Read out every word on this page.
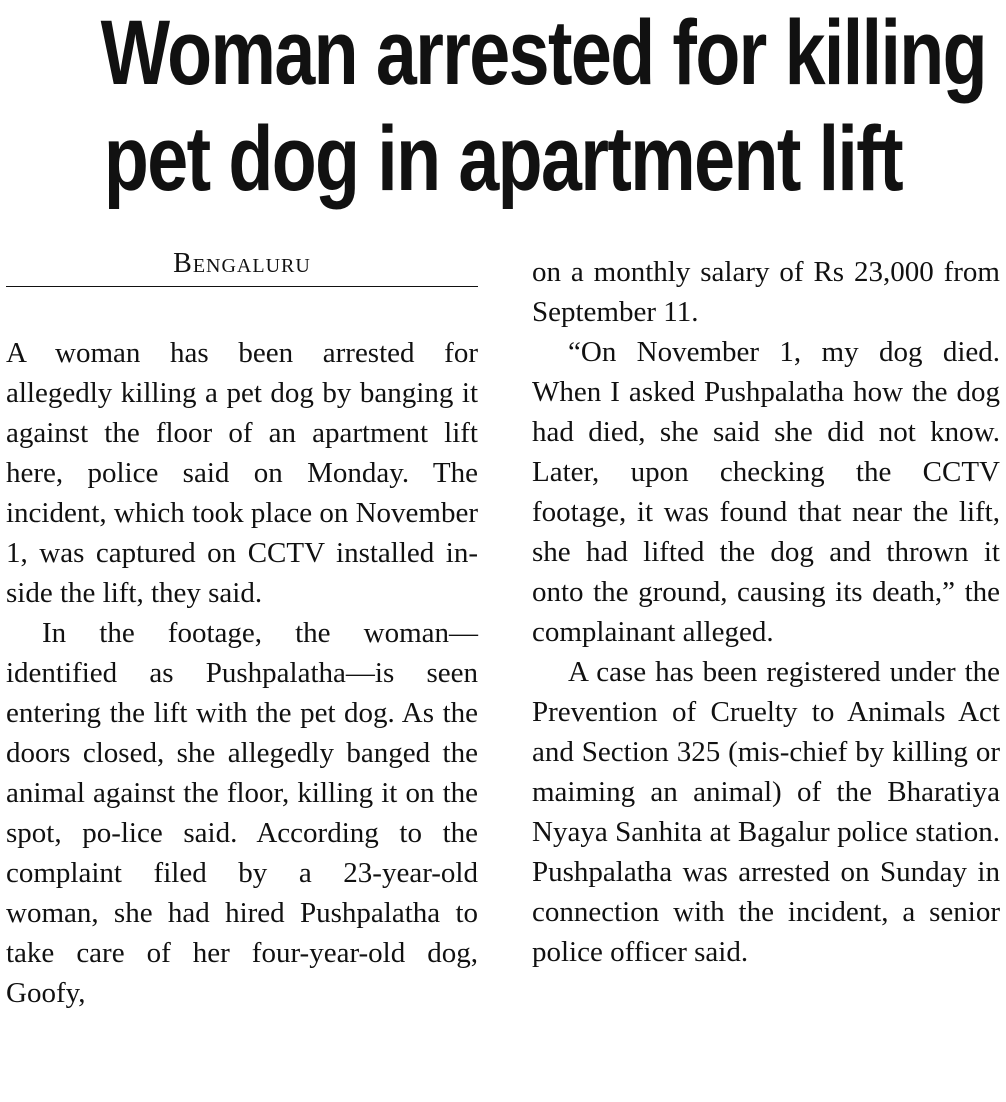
Woman arrested for killing
pet dog in apartment lift
Bengaluru

A woman has been arrested for allegedly killing a pet dog by banging it against the floor of an apartment lift here, police said on Monday. The incident, which took place on November 1, was captured on CCTV installed inside the lift, they said.

In the footage, the woman—identified as Pushpalatha—is seen entering the lift with the pet dog. As the doors closed, she allegedly banged the animal against the floor, killing it on the spot, po-lice said. According to the complaint filed by a 23-year-old woman, she had hired Pushpalatha to take care of her four-year-old dog, Goofy,

on a monthly salary of Rs 23,000 from September 11.

“On November 1, my dog died. When I asked Pushpalatha how the dog had died, she said she did not know. Later, upon checking the CCTV footage, it was found that near the lift, she had lifted the dog and thrown it onto the ground, causing its death,” the complainant alleged.

A case has been registered under the Prevention of Cruelty to Animals Act and Section 325 (mis-chief by killing or maiming an animal) of the Bharatiya Nyaya Sanhita at Bagalur police station. Pushpalatha was arrested on Sunday in connection with the incident, a senior police officer said.
